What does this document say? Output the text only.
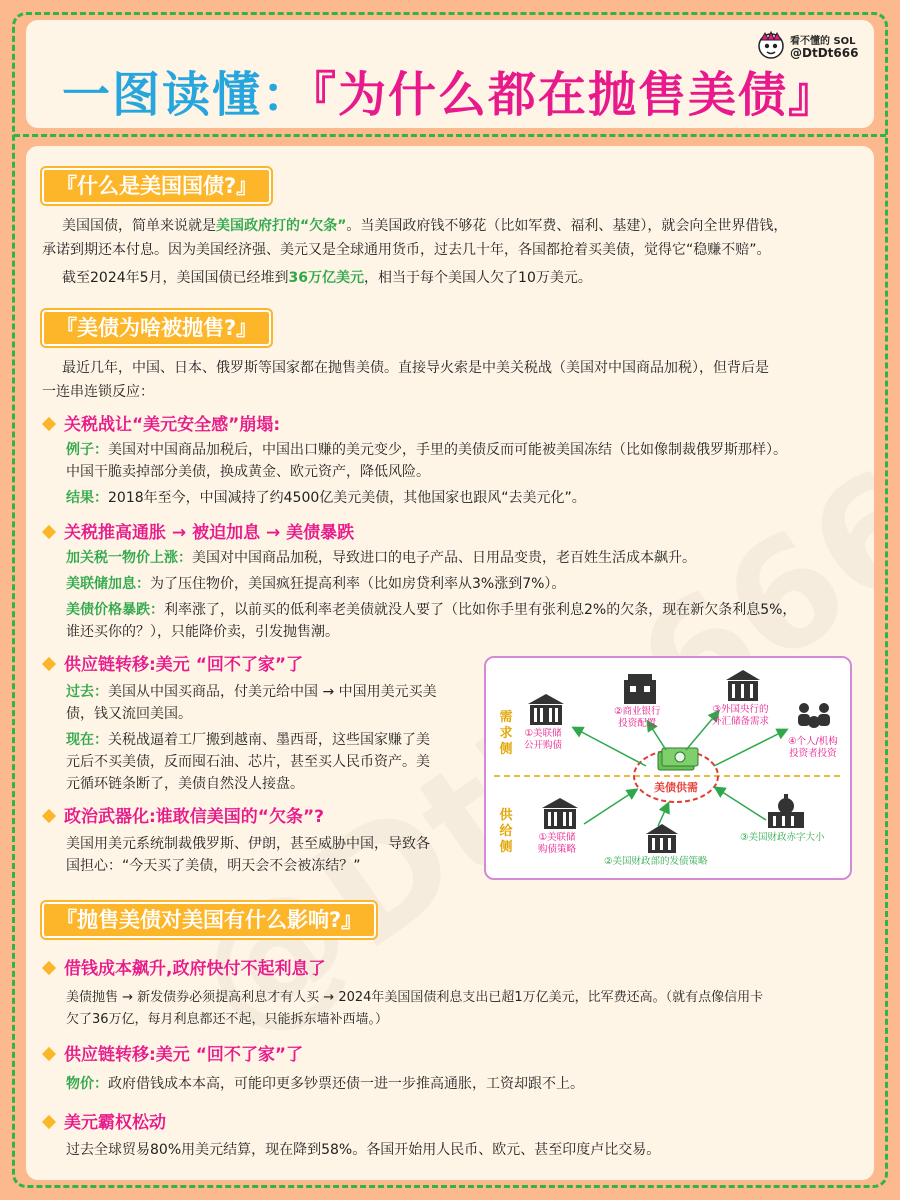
一图读懂：『为什么都在抛售美债』
看不懂的 SOL
@DtDt666
『什么是美国国债?』
美国国债，简单来说就是美国政府打的“欠条”。当美国政府钱不够花（比如军费、福利、基建），就会向全世界借钱，
承诺到期还本付息。因为美国经济强、美元又是全球通用货币，过去几十年，各国都抢着买美债，觉得它“稳赚不赔”。
截至2024年5月，美国国债已经堆到36万亿美元，相当于每个美国人欠了10万美元。
『美债为啥被抛售?』
最近几年，中国、日本、俄罗斯等国家都在抛售美债。直接导火索是中美关税战（美国对中国商品加税），但背后是
一连串连锁反应：
关税战让“美元安全感”崩塌:
例子：美国对中国商品加税后，中国出口赚的美元变少，手里的美债反而可能被美国冻结（比如像制裁俄罗斯那样）。
中国干脆卖掉部分美债，换成黄金、欧元资产，降低风险。
结果：2018年至今，中国减持了约4500亿美元美债，其他国家也跟风“去美元化”。
关税推高通胀 → 被迫加息 → 美债暴跌
加关税一物价上涨：美国对中国商品加税，导致进口的电子产品、日用品变贵，老百姓生活成本飙升。
美联储加息：为了压住物价，美国疯狂提高利率（比如房贷利率从3%涨到7%）。
美债价格暴跌：利率涨了，以前买的低利率老美债就没人要了（比如你手里有张利息2%的欠条，现在新欠条利息5%，
谁还买你的？），只能降价卖，引发抛售潮。
供应链转移:美元 “回不了家”了
过去：美国从中国买商品，付美元给中国 → 中国用美元买美
债，钱又流回美国。
现在：关税战逼着工厂搬到越南、墨西哥，这些国家赚了美
元后不买美债，反而囤石油、芯片，甚至买人民币资产。美
元循环链条断了，美债自然没人接盘。
政治武器化:谁敢信美国的“欠条”?
美国用美元系统制裁俄罗斯、伊朗，甚至威胁中国，导致各
国担心：“今天买了美债，明天会不会被冻结？”
需求侧
供给侧
美债供需
①美联储
公开购债
②商业银行
投资配置
③外国央行的
外汇储备需求
④个人/机构
投资者投资
①美联储
购债策略
②美国财政部的发债策略
③美国财政赤字大小
『抛售美债对美国有什么影响?』
借钱成本飙升,政府快付不起利息了
美债抛售 → 新发债券必须提高利息才有人买 → 2024年美国国债利息支出已超1万亿美元，比军费还高。（就有点像信用卡
欠了36万亿，每月利息都还不起，只能拆东墙补西墙。）
供应链转移:美元 “回不了家”了
物价：政府借钱成本本高，可能印更多钞票还债一进一步推高通胀，工资却跟不上。
美元霸权松动
过去全球贸易80%用美元结算，现在降到58%。各国开始用人民币、欧元、甚至印度卢比交易。
